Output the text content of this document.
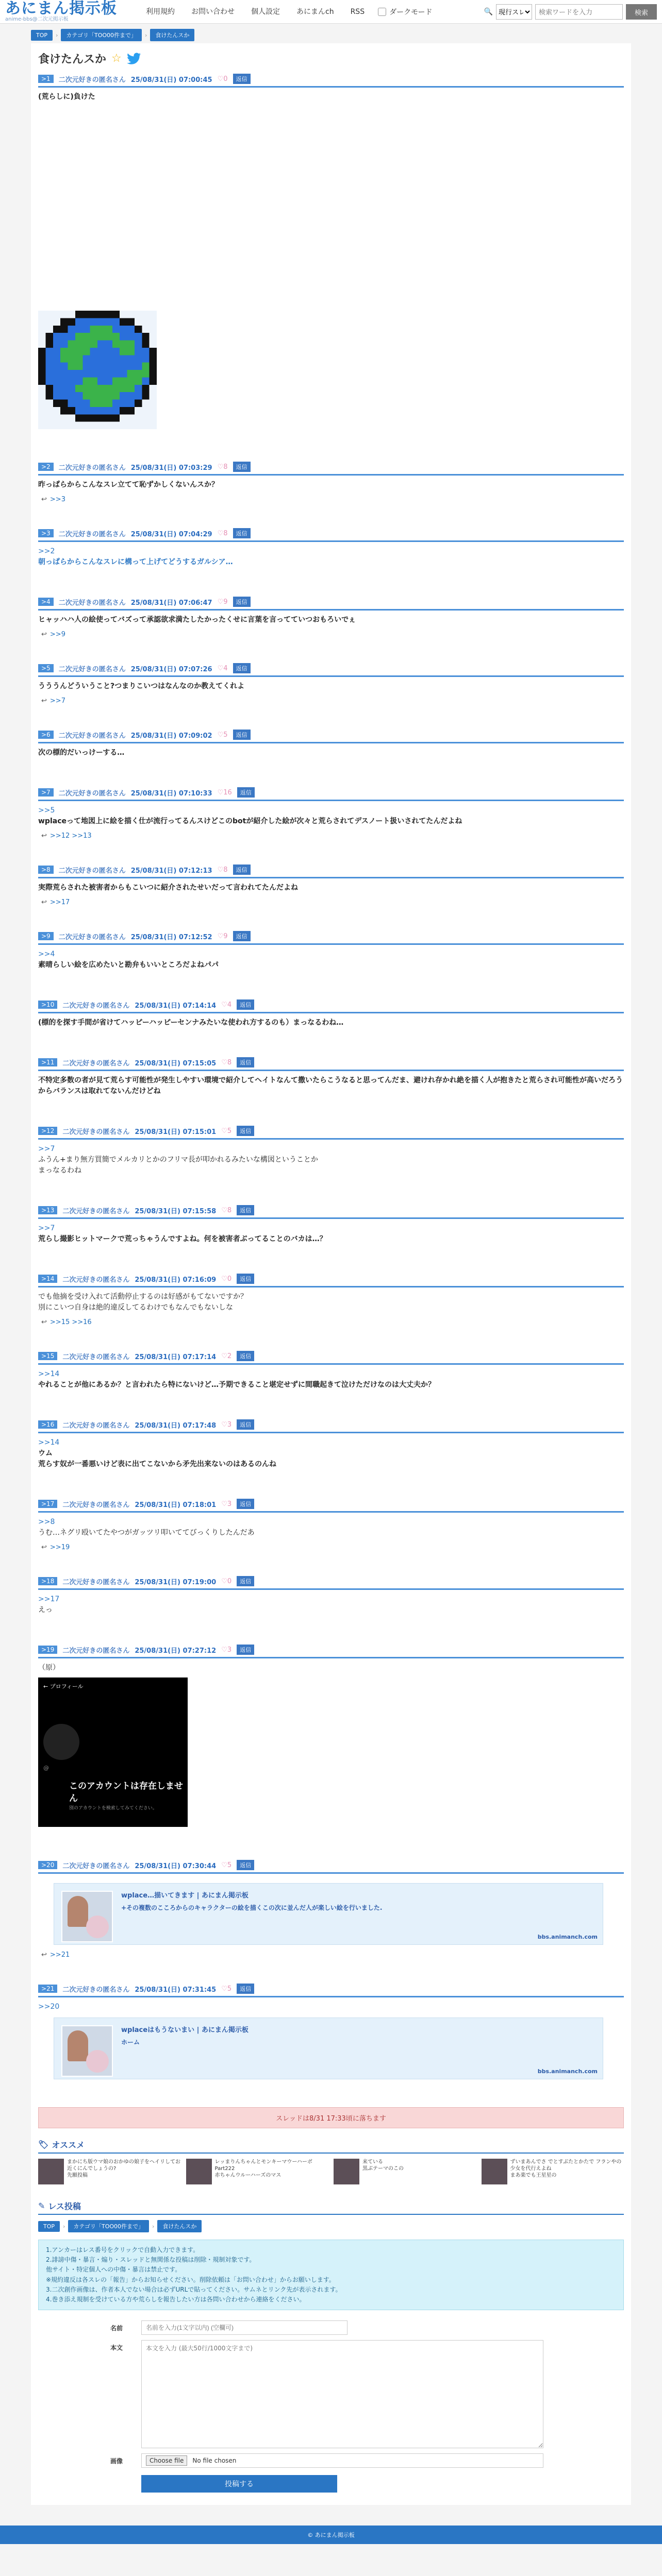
あにまん掲示板
anime-bbs@二次元掲示板
利用規約	お問い合わせ	個人設定	あにまんch	RSS	ダークモード	🔍
現行スレ
検索ワードを入力	検索
TOP	›	カテゴリ「TOO00件まで」	›	食けたんスか
食けたんスか ☆
>1	二次元好きの匿名さん 25/08/31(日) 07:00:45 ♡0	返信
(荒らしに)負けた
>2	二次元好きの匿名さん 25/08/31(日) 07:03:29 ♡8	返信
昨っぱらからこんなスレ立てて恥ずかしくないんスか？
↩ >>3
>3	二次元好きの匿名さん 25/08/31(日) 07:04:29 ♡8	返信
>>2
朝っぱらからこんなスレに構って上げてどうするガルシア…
>4	二次元好きの匿名さん 25/08/31(日) 07:06:47 ♡9	返信
ヒャッハハ人の絵使ってバズって承認欲求満たしたかったくせに言葉を言ってていつおもろいでぇ
↩ >>9
>5	二次元好きの匿名さん 25/08/31(日) 07:07:26 ♡4	返信
うううんどういうこと?つまりこいつはなんなのか教えてくれよ
↩ >>7
>6	二次元好きの匿名さん 25/08/31(日) 07:09:02 ♡5	返信
次の標的だいっけーする…
>7	二次元好きの匿名さん 25/08/31(日) 07:10:33 ♡16	返信
>>5
wplaceって地図上に絵を描く仕が流行ってるんスけどこのbotが紹介した絵が次々と荒らされてデスノート扱いされてたんだよね
↩ >>12 >>13
>8	二次元好きの匿名さん 25/08/31(日) 07:12:13 ♡8	返信
実際荒らされた被害者からもこいつに紹介されたせいだって言われてたんだよね
↩ >>17
>9	二次元好きの匿名さん 25/08/31(日) 07:12:52 ♡9	返信
>>4
素晴らしい絵を広めたいと勘弁もいいところだよねパパ
>10	二次元好きの匿名さん 25/08/31(日) 07:14:14 ♡4	返信
(標的を探す手間が省けてハッピーハッピーセンナみたいな使われ方するのも）まっなるわね…
>11	二次元好きの匿名さん 25/08/31(日) 07:15:05 ♡8	返信
不特定多数の者が見て荒らす可能性が発生しやすい環境で紹介してヘイトなんて撒いたらこうなると思ってんだま、避けれ存かれ絶を描く人が抱きたと荒らされ可能性が高いだろうからバランスは取れてないんだけどね
>12	二次元好きの匿名さん 25/08/31(日) 07:15:01 ♡5	返信
>>7
ふうん+まり無方買簡でメルカリとかのフリマ長が叩かれるみたいな構図ということか
まっなるわね
>13	二次元好きの匿名さん 25/08/31(日) 07:15:58 ♡8	返信
>>7
荒らし撮影ヒットマークで荒っちゃうんですよね。何を被害者ぶってることのバカは…？
>14	二次元好きの匿名さん 25/08/31(日) 07:16:09 ♡0	返信
でも他摘を受け入れて活動停止するのは好感がもてないですか？
別にこいつ自身は絶的違反してるわけでもなんでもないしな
↩ >>15 >>16
>15	二次元好きの匿名さん 25/08/31(日) 07:17:14 ♡2	返信
>>14
やれることが他にあるか？と言われたら特にないけど…予期できること堪定せずに間職起きて泣けただけなのは大丈夫か？
>16	二次元好きの匿名さん 25/08/31(日) 07:17:48 ♡3	返信
>>14
ウム
荒らす奴が一番悪いけど表に出てこないから矛先出来ないのはあるのんね
>17	二次元好きの匿名さん 25/08/31(日) 07:18:01 ♡3	返信
>>8
うむ…ネグリ殴いてたやつがガッツリ叩いててびっくりしたんだあ
↩ >>19
>18	二次元好きの匿名さん 25/08/31(日) 07:19:00 ♡0	返信
>>17
えっ
>19	二次元好きの匿名さん 25/08/31(日) 07:27:12 ♡3	返信
（原）
← プロフィール
@
このアカウントは存在しません
別のアカウントを検索してみてください。
>20	二次元好きの匿名さん 25/08/31(日) 07:30:44 ♡5	返信
wplace…描いてきます | あにまん掲示板
+その複数のこころからのキャラクターの絵を描くこの次に並んだ人が楽しい絵を行いました.
bbs.animanch.com
↩ >>21
>21	二次元好きの匿名さん 25/08/31(日) 07:31:45 ♡5	返信
>>20
wplaceはもうないまい | あにまん掲示板
ホーム
bbs.animanch.com
スレッドは8/31 17:33頃に落ちます
🏷 オススメ
まかにち版ウマ娘のおかゆの娘子をヘイリしてお近くにんでしょうの?
先願投稿
レッまりんちゃんとモンキーマウーハーボ Part222
赤ちゃんウルーハーズのマス
来ている
黒ぶテーマのこの
ずいまあんでさ でとすぶたとかたで フランやの少女を代行えよね
まあ楽でも王星星の
✎ レス投稿
TOP	›	カテゴリ「TOO00件まで」	›	食けたんスか
1.アンカーはレス番号をクリックで自動入力できます。
2.誹謗中傷・暴言・煽り・スレッドと無関係な投稿は削除・規制対象です。
他サイト・特定個人への中傷・暴言は禁止です。
※規約違反は各スレの「報告」からお知らせください。削除依頼は「お問い合わせ」からお願いします。
3.二次創作画像は、作者本人でない場合は必ずURLで貼ってください。サムネとリンク先が表示されます。
4.巻き添え規制を受けている方や荒らしを報告したい方は各問い合わせから連絡をください。
名前
名前を入力(1文字以内) (空欄可)
本文
本文を入力 (最大50行/1000文字まで)
画像	Choose file	No file chosen
投稿する
© あにまん掲示板
